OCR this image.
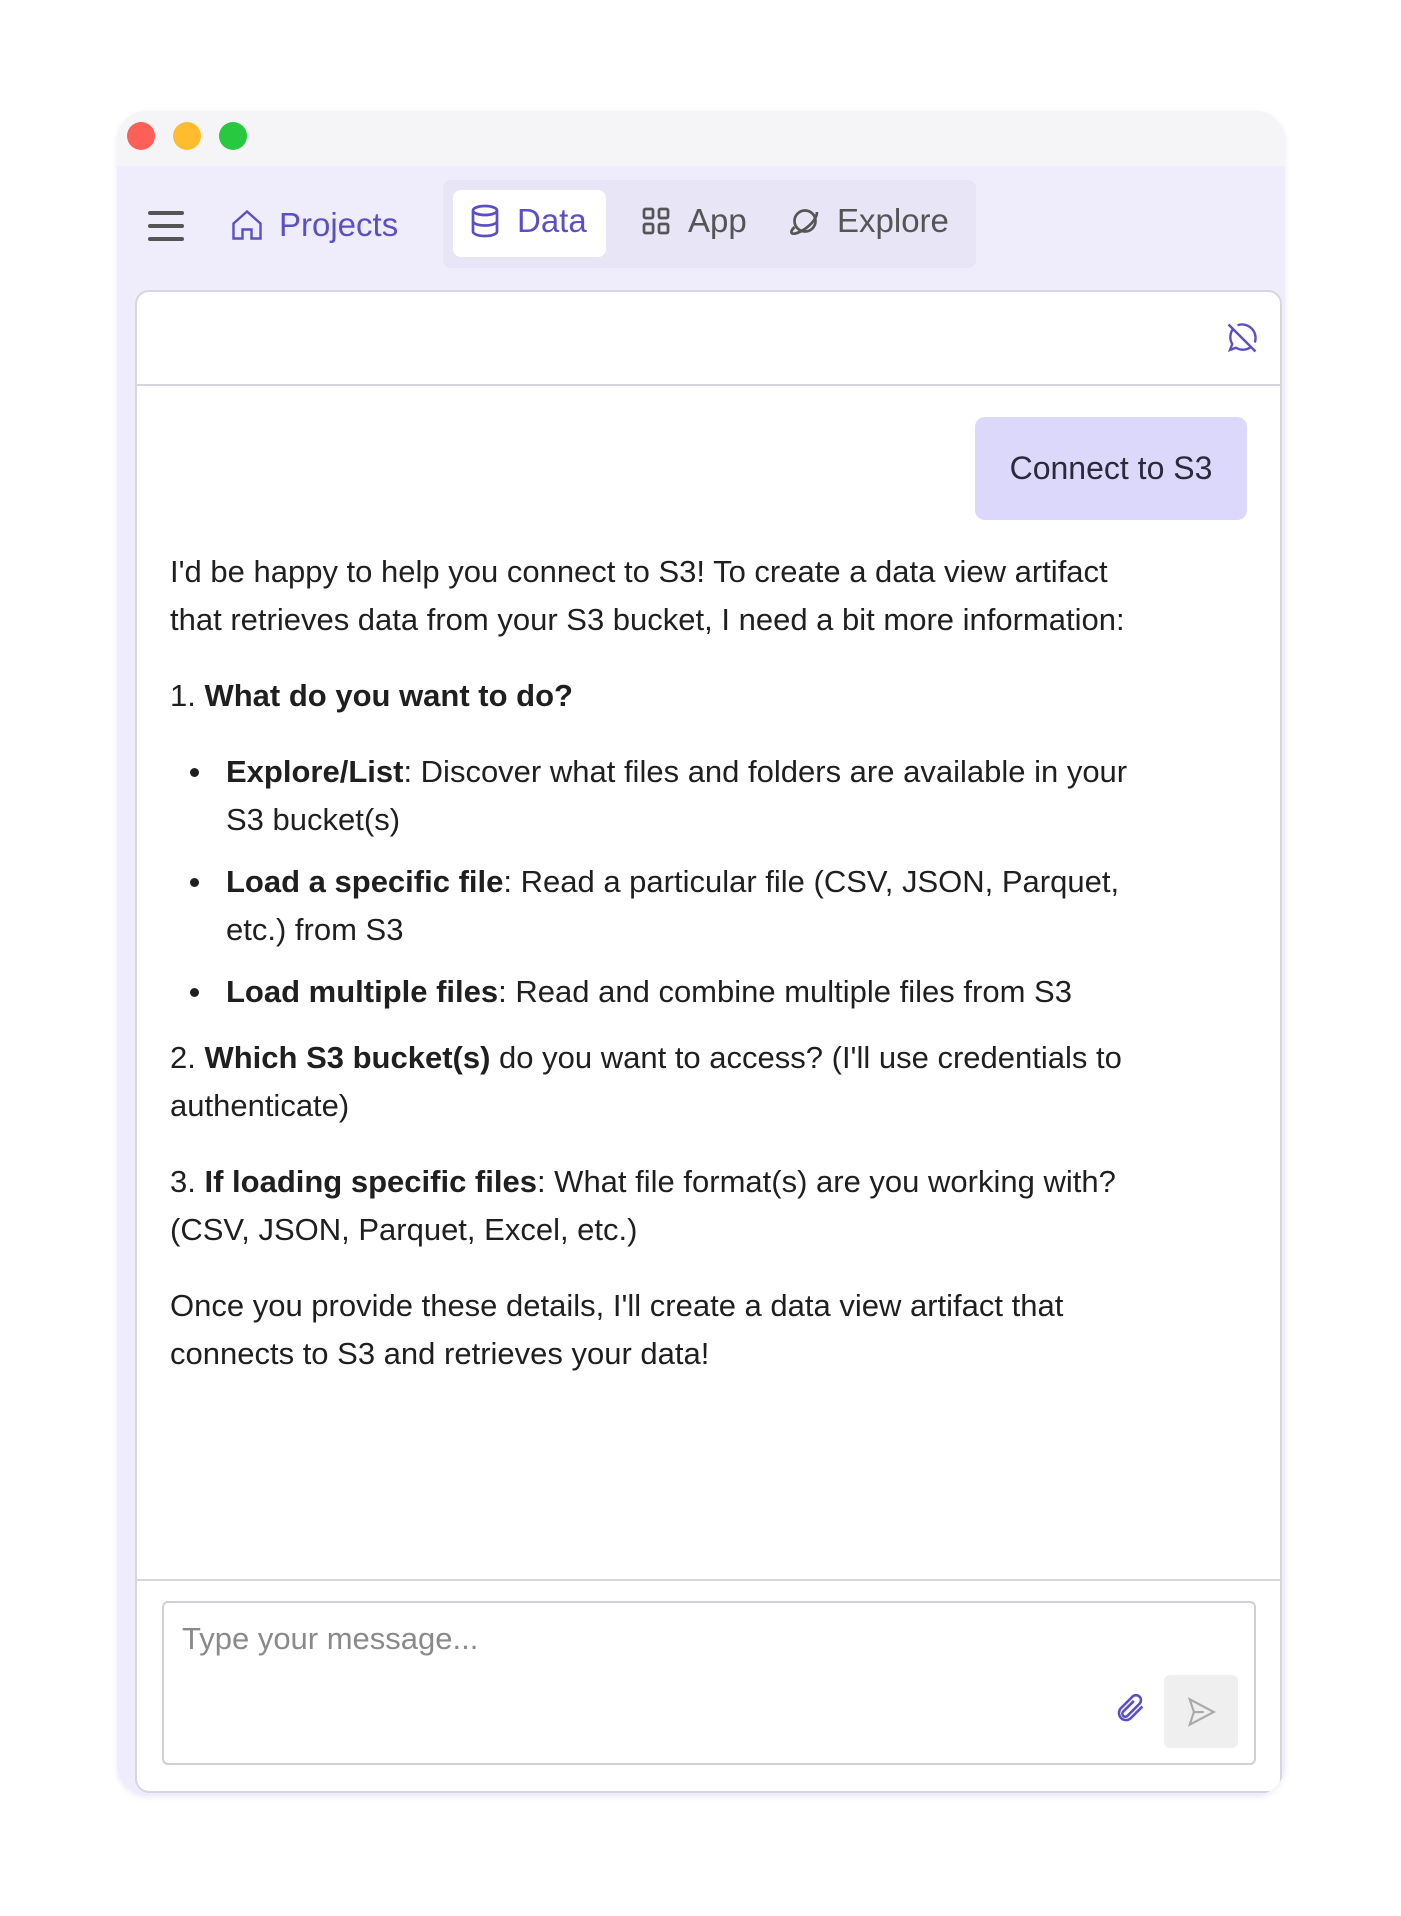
Projects	Data	App	Explore
Connect to S3

I'd be happy to help you connect to S3! To create a data view artifact that retrieves data from your S3 bucket, I need a bit more information:

1. What do you want to do?

Explore/List: Discover what files and folders are available in your S3 bucket(s)
Load a specific file: Read a particular file (CSV, JSON, Parquet, etc.) from S3
Load multiple files: Read and combine multiple files from S3

2. Which S3 bucket(s) do you want to access? (I'll use credentials to authenticate)

3. If loading specific files: What file format(s) are you working with? (CSV, JSON, Parquet, Excel, etc.)

Once you provide these details, I'll create a data view artifact that connects to S3 and retrieves your data!

Type your message...
